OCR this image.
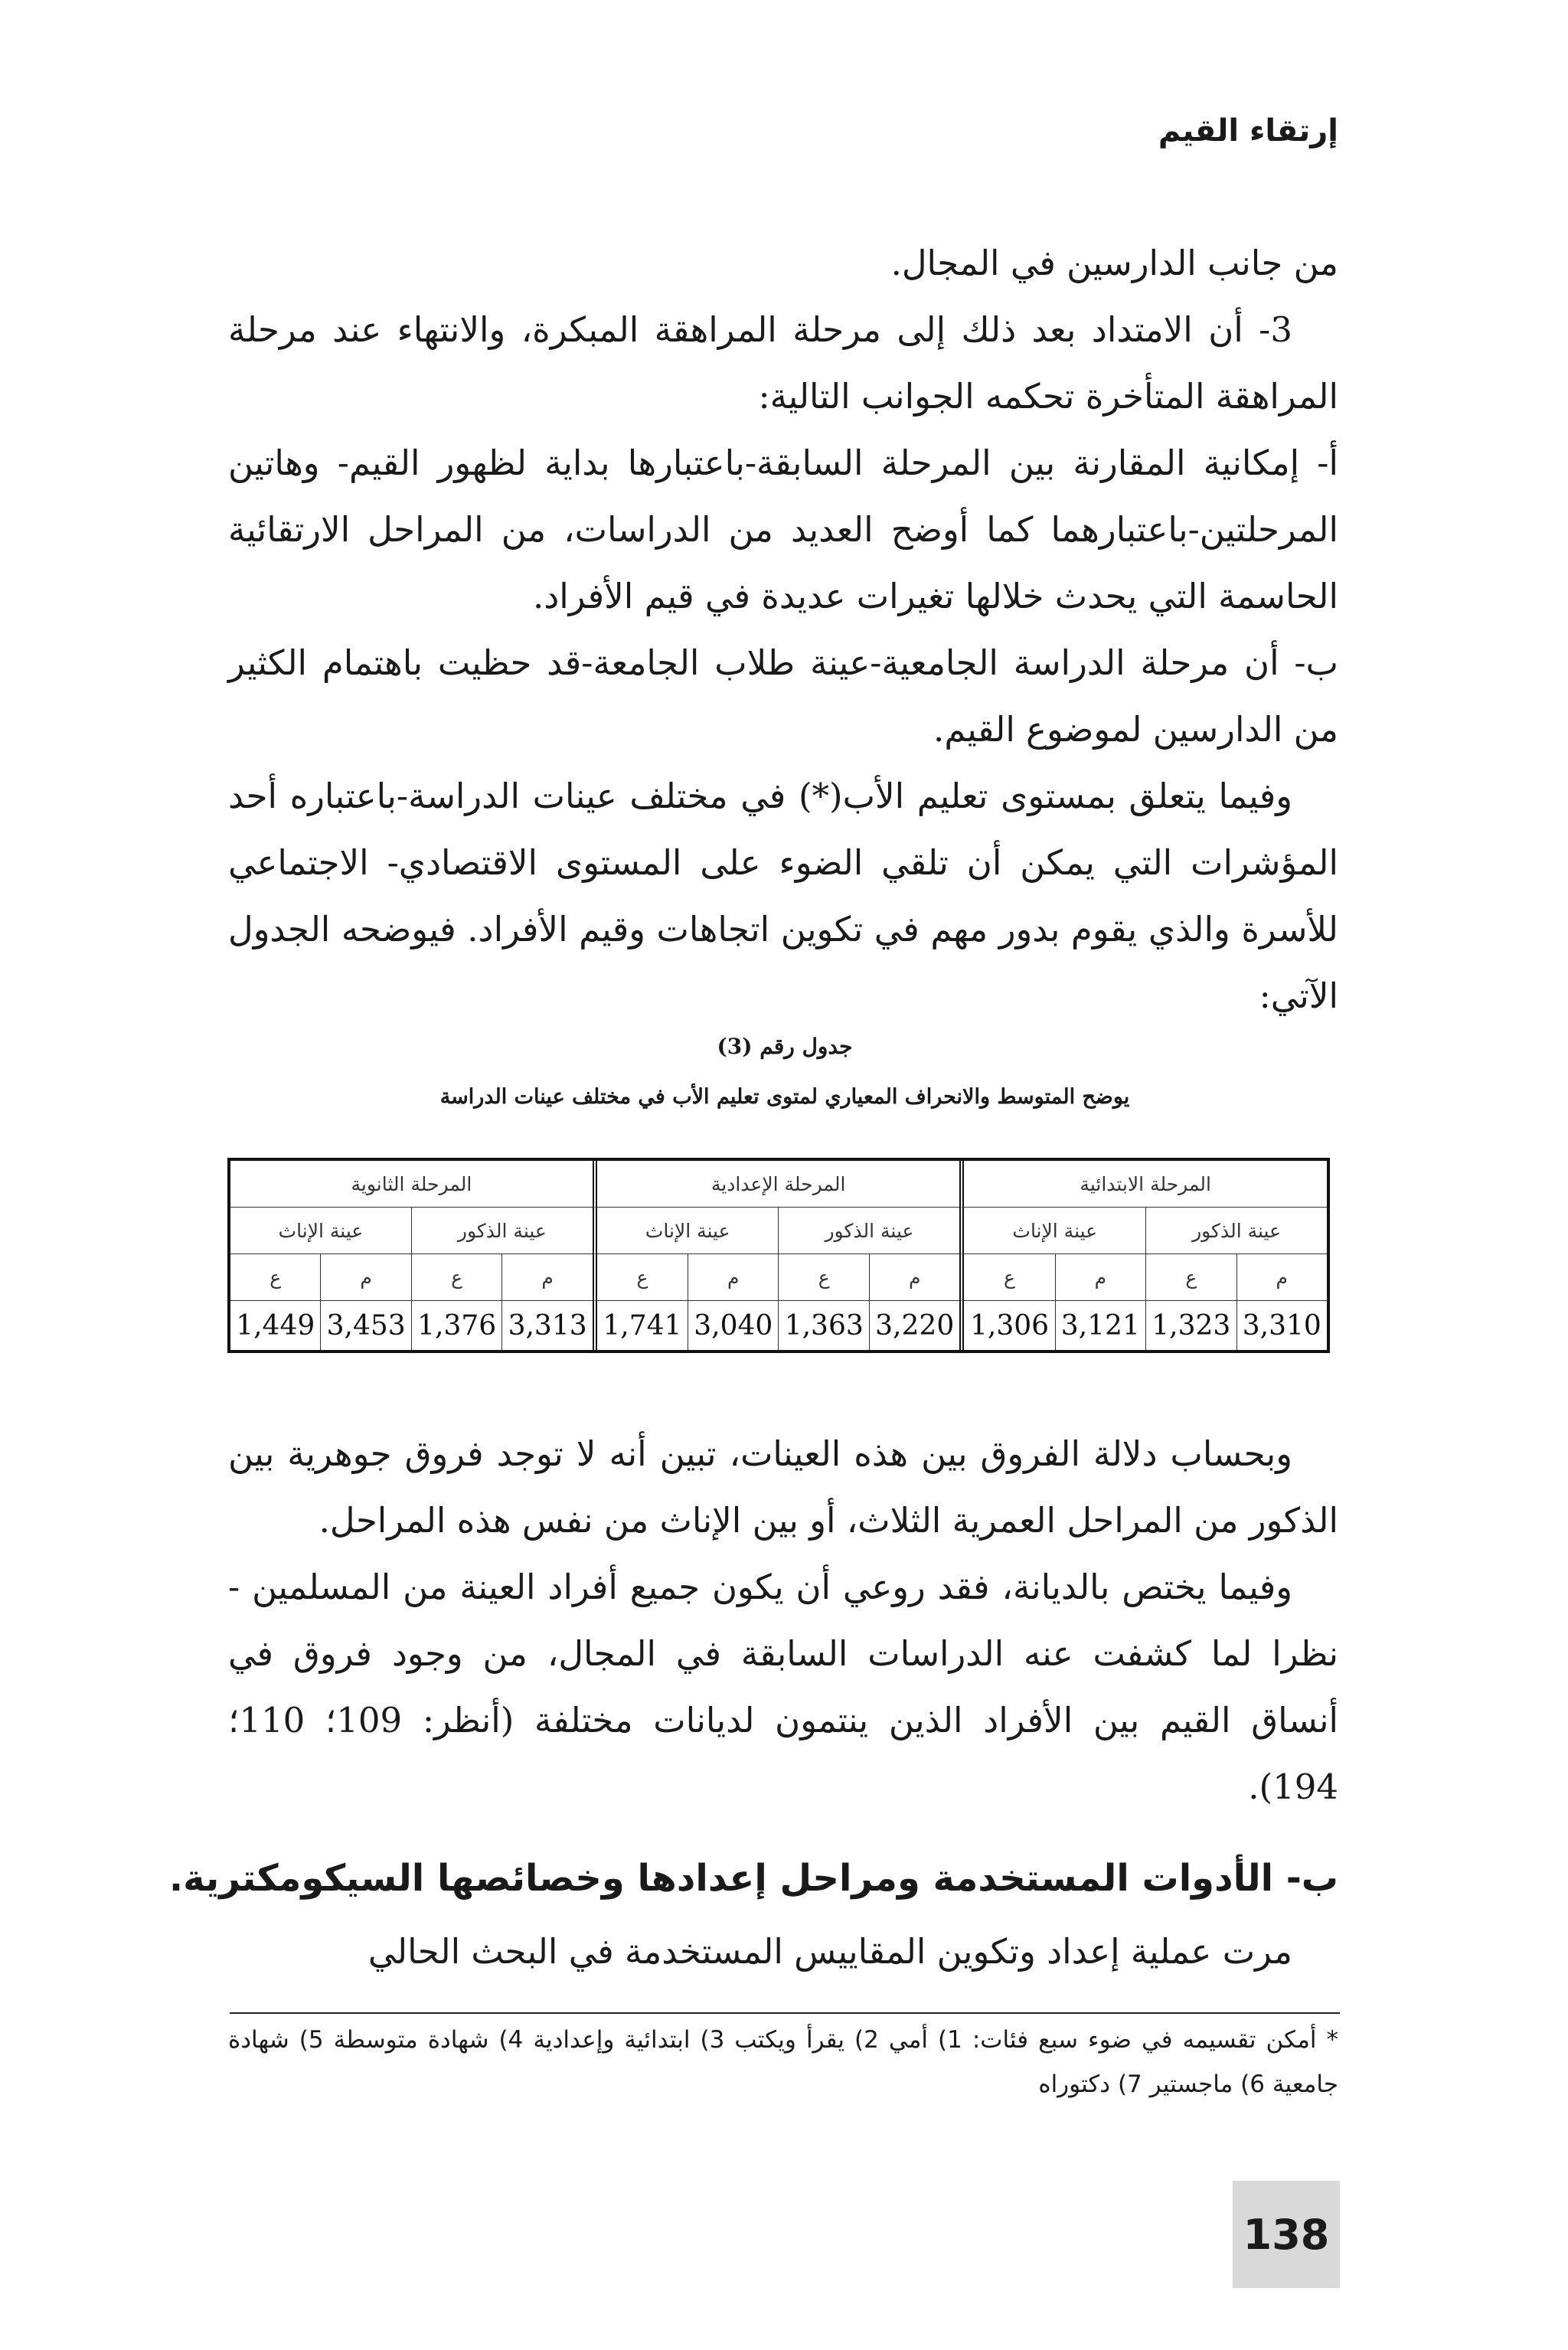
إرتقاء القيم

من جانب الدارسين في المجال.

3- أن الامتداد بعد ذلك إلى مرحلة المراهقة المبكرة، والانتهاء عند مرحلة المراهقة المتأخرة تحكمه الجوانب التالية:

أ- إمكانية المقارنة بين المرحلة السابقة-باعتبارها بداية لظهور القيم- وهاتين المرحلتين-باعتبارهما كما أوضح العديد من الدراسات، من المراحل الارتقائية الحاسمة التي يحدث خلالها تغيرات عديدة في قيم الأفراد.

ب- أن مرحلة الدراسة الجامعية-عينة طلاب الجامعة-قد حظيت باهتمام الكثير من الدارسين لموضوع القيم.

وفيما يتعلق بمستوى تعليم الأب(*) في مختلف عينات الدراسة-باعتباره أحد المؤشرات التي يمكن أن تلقي الضوء على المستوى الاقتصادي- الاجتماعي للأسرة والذي يقوم بدور مهم في تكوين اتجاهات وقيم الأفراد. فيوضحه الجدول الآتي:

جدول رقم (3)
يوضح المتوسط والانحراف المعياري لمتوى تعليم الأب في مختلف عينات الدراسة
المرحلة الابتدائية				المرحلة الإعدادية				المرحلة الثانوية			
عينة الذكور		عينة الإناث		عينة الذكور		عينة الإناث		عينة الذكور		عينة الإناث	
م	ع	م	ع	م	ع	م	ع	م	ع	م	ع
3,310	1,323	3,121	1,306	3,220	1,363	3,040	1,741	3,313	1,376	3,453	1,449

وبحساب دلالة الفروق بين هذه العينات، تبين أنه لا توجد فروق جوهرية بين الذكور من المراحل العمرية الثلاث، أو بين الإناث من نفس هذه المراحل.

وفيما يختص بالديانة، فقد روعي أن يكون جميع أفراد العينة من المسلمين - نظرا لما كشفت عنه الدراسات السابقة في المجال، من وجود فروق في أنساق القيم بين الأفراد الذين ينتمون لديانات مختلفة (أنظر: 109؛ 110؛ 194).

ب- الأدوات المستخدمة ومراحل إعدادها وخصائصها السيكومكترية.
مرت عملية إعداد وتكوين المقاييس المستخدمة في البحث الحالي

* أمكن تقسيمه في ضوء سبع فئات: 1) أمي 2) يقرأ ويكتب 3) ابتدائية وإعدادية 4) شهادة متوسطة 5) شهادة جامعية 6) ماجستير 7) دكتوراه

138
